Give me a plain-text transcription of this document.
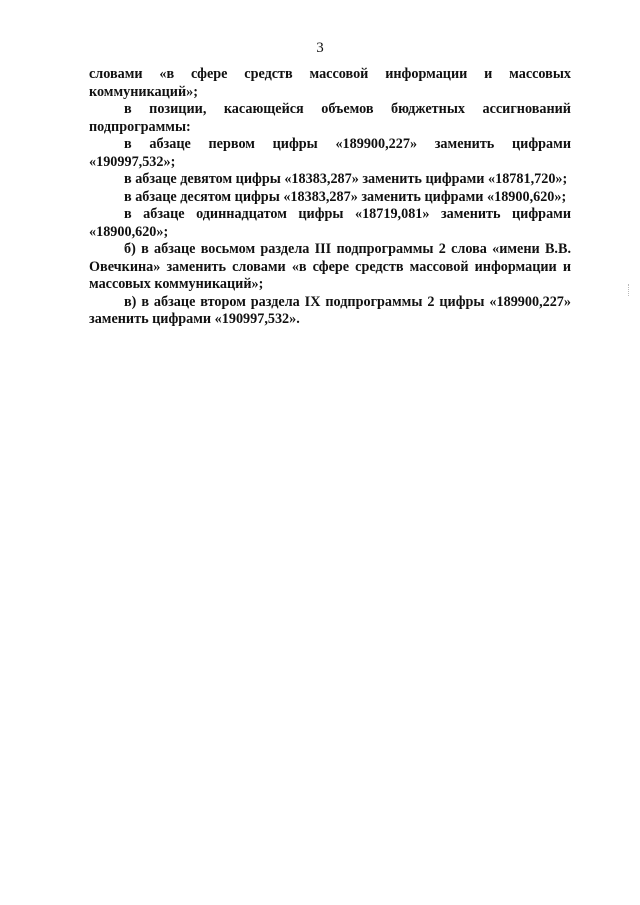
3

словами «в сфере средств массовой информации и массовых коммуникаций»;

в позиции, касающейся объемов бюджетных ассигнований подпрограммы:

в абзаце первом цифры «189900,227» заменить цифрами «190997,532»;

в абзаце девятом цифры «18383,287» заменить цифрами «18781,720»;

в абзаце десятом цифры «18383,287» заменить цифрами «18900,620»;

в абзаце одиннадцатом цифры «18719,081» заменить цифрами «18900,620»;

б) в абзаце восьмом раздела III подпрограммы 2 слова «имени В.В. Овечкина» заменить словами «в сфере средств массовой информации и массовых коммуникаций»;

в) в абзаце втором раздела IX подпрограммы 2 цифры «189900,227» заменить цифрами «190997,532».
